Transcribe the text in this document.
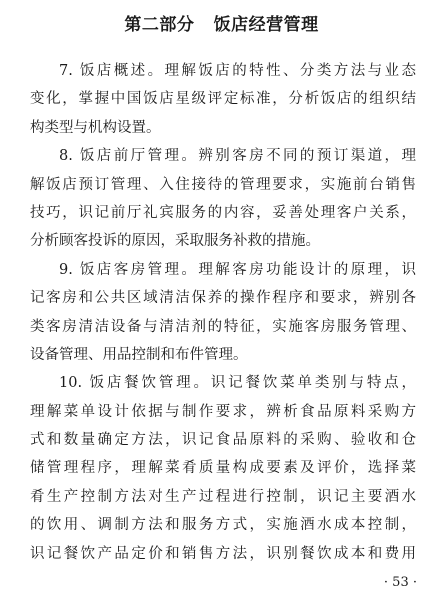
第二部分   饭店经营管理

7. 饭店概述。理解饭店的特性、分类方法与业态
变化，掌握中国饭店星级评定标准，分析饭店的组织结
构类型与机构设置。

8. 饭店前厅管理。辨别客房不同的预订渠道，理
解饭店预订管理、入住接待的管理要求，实施前台销售
技巧，识记前厅礼宾服务的内容，妥善处理客户关系，
分析顾客投诉的原因，采取服务补救的措施。

9. 饭店客房管理。理解客房功能设计的原理，识
记客房和公共区域清洁保养的操作程序和要求，辨别各
类客房清洁设备与清洁剂的特征，实施客房服务管理、
设备管理、用品控制和布件管理。

10. 饭店餐饮管理。识记餐饮菜单类别与特点，
理解菜单设计依据与制作要求，辨析食品原料采购方
式和数量确定方法，识记食品原料的采购、验收和仓
储管理程序，理解菜肴质量构成要素及评价，选择菜
肴生产控制方法对生产过程进行控制，识记主要酒水
的饮用、调制方法和服务方式，实施酒水成本控制，
识记餐饮产品定价和销售方法，识别餐饮成本和费用

· 53 ·
